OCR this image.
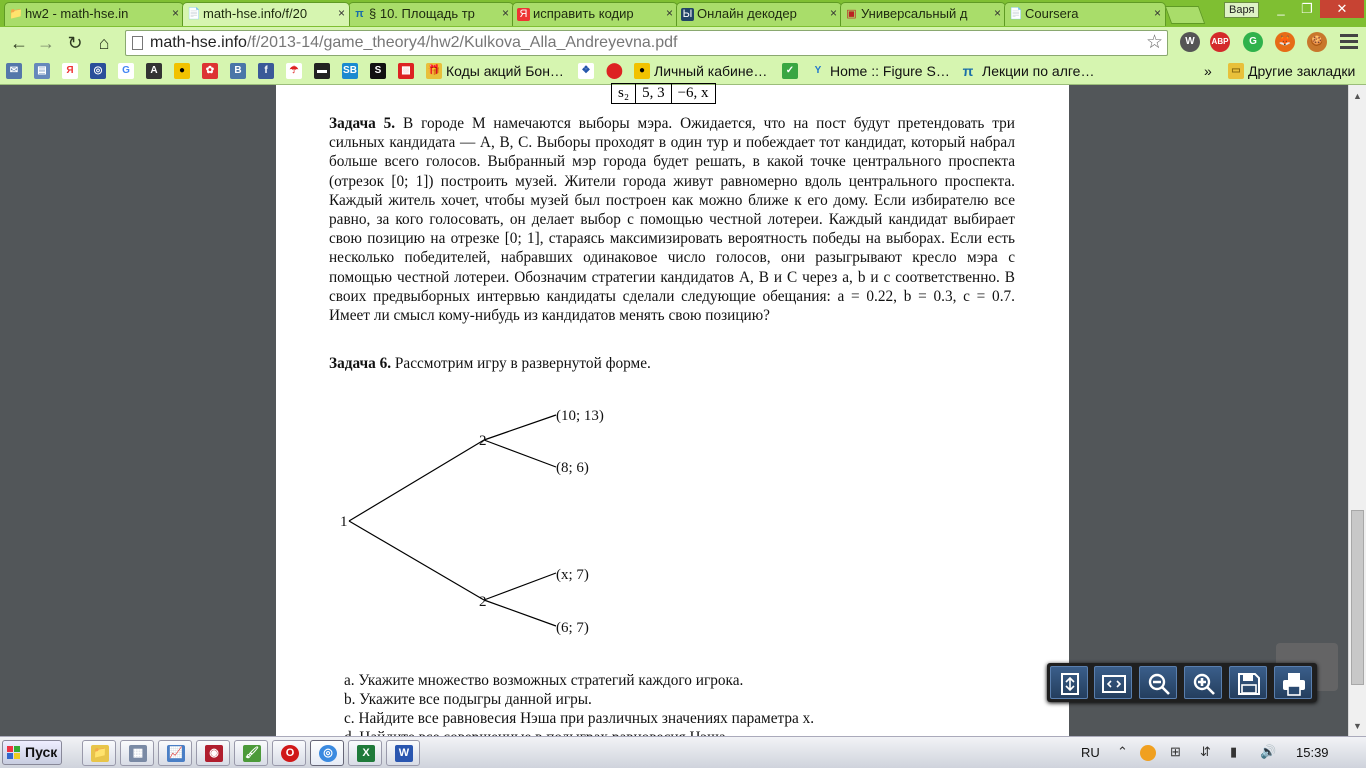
📁 hw2 - math-hse.in	× 📄 math-hse.info/f/20	× π § 10. Площадь тр × Я исправить кодир	× Ы Онлайн декодер	× ▣ Универсальный д × 📄 Coursera	×	Варя	_	❐	✕
← → ↻ ⌂	math-hse.info/f/2013-14/game_theory4/hw2/Kulkova_Alla_Andreyevna.pdf	☆	W	ABP	G	🦊	🍪
✉	▤	Я	◎	G	A	●	✿	B	f	☂	▬	SB	S	▩	🎁 Коды акций Бон…	❖ ⬤	● Личный кабине…	✓	Y Home :: Figure S… π Лекции по алге…	»	▭ Другие закладки
s₂	5, 3	−6, x
Задача 5. В городе M намечаются выборы мэра. Ожидается, что на пост будут претендовать три сильных кандидата — A, B, C. Выборы проходят в один тур и побеждает тот кандидат, который набрал больше всего голосов. Выбранный мэр города будет решать, в какой точке центрального проспекта (отрезок [0; 1]) построить музей. Жители города живут равномерно вдоль центрального проспекта. Каждый житель хочет, чтобы музей был построен как можно ближе к его дому. Если избирателю все равно, за кого голосовать, он делает выбор с помощью честной лотереи. Каждый кандидат выбирает свою позицию на отрезке [0; 1], стараясь максимизировать вероятность победы на выборах. Если есть несколько победителей, набравших одинаковое число голосов, они разыгрывают кресло мэра с помощью честной лотереи. Обозначим стратегии кандидатов A, B и C через a, b и c соответственно. В своих предвыборных интервью кандидаты сделали следующие обещания: a = 0.22, b = 0.3, c = 0.7. Имеет ли смысл кому-нибудь из кандидатов менять свою позицию?
Задача 6. Рассмотрим игру в развернутой форме.
1
2
2
(10; 13)
(8; 6)
(x; 7)
(6; 7)
a. Укажите множество возможных стратегий каждого игрока.
b. Укажите все подыгры данной игры.
c. Найдите все равновесия Нэша при различных значениях параметра x.
▲
▼
Пуск	📁	▦	📈	◉	🖌	O	◎	X	W	RU ⌃	⊞ ⇵ ▮ 🔊 15:39
